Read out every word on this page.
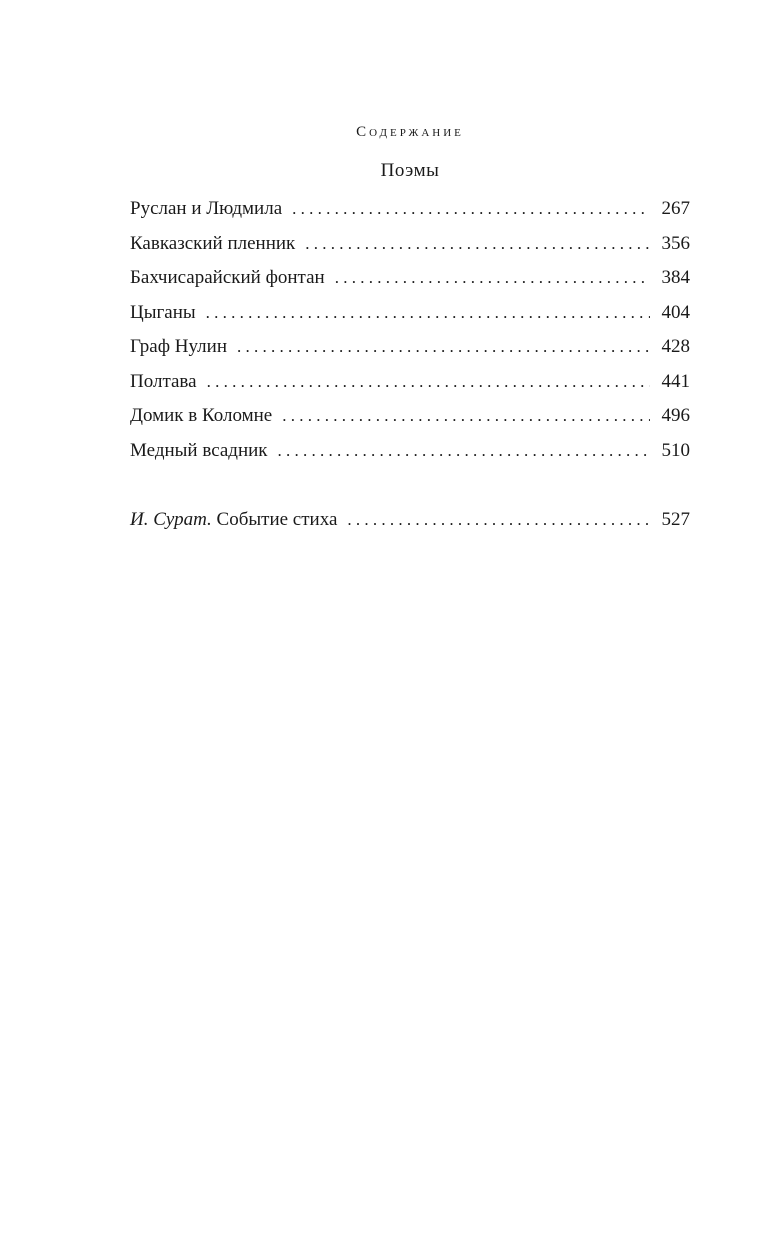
Содержание
Поэмы
Руслан и Людмила . . .	267
Кавказский пленник . . .	356
Бахчисарайский фонтан . . .	384
Цыганы . . .	404
Граф Нулин . . .	428
Полтава . . .	441
Домик в Коломне . . .	496
Медный всадник . . .	510
И. Сурат. Событие стиха . . .	527
